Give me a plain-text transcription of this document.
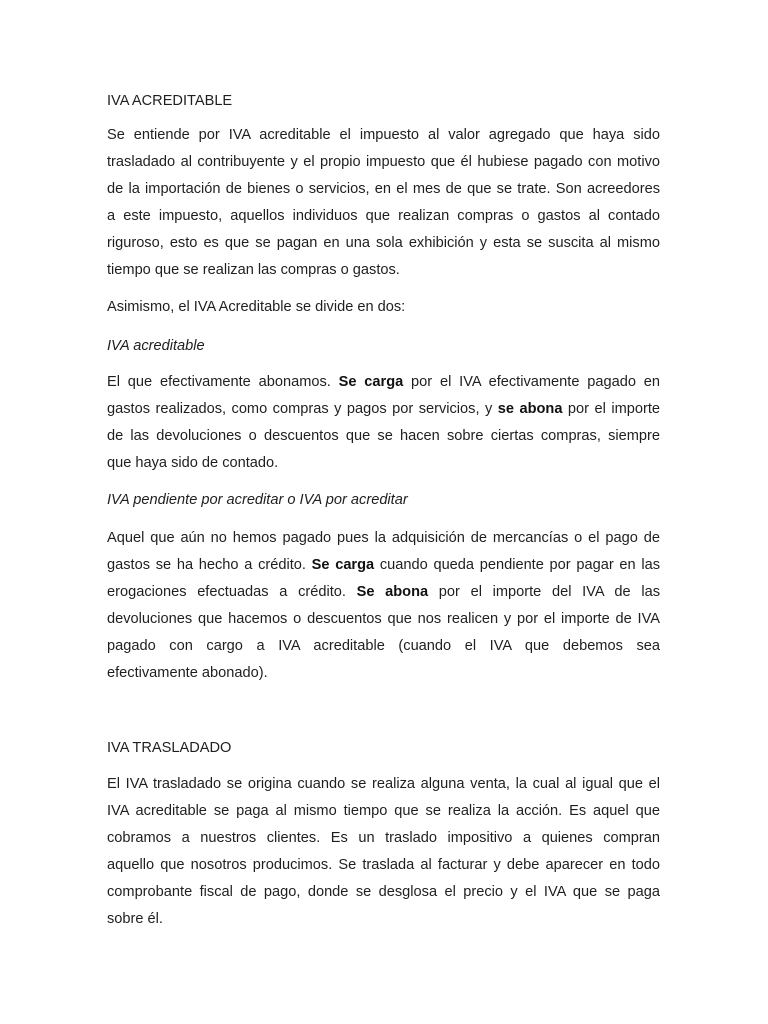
IVA ACREDITABLE

Se entiende por IVA acreditable el impuesto al valor agregado que haya sido
trasladado al contribuyente y el propio impuesto que él hubiese pagado con motivo
de la importación de bienes o servicios, en el mes de que se trate. Son acreedores
a este impuesto, aquellos individuos que realizan compras o gastos al contado
riguroso, esto es que se pagan en una sola exhibición y esta se suscita al mismo
tiempo que se realizan las compras o gastos.

Asimismo, el IVA Acreditable se divide en dos:

IVA acreditable

El que efectivamente abonamos. Se carga por el IVA efectivamente pagado en
gastos realizados, como compras y pagos por servicios, y se abona por el importe
de las devoluciones o descuentos que se hacen sobre ciertas compras, siempre
que haya sido de contado.

IVA pendiente por acreditar o IVA por acreditar

Aquel que aún no hemos pagado pues la adquisición de mercancías o el pago de
gastos se ha hecho a crédito. Se carga cuando queda pendiente por pagar en las
erogaciones efectuadas a crédito. Se abona por el importe del IVA de las
devoluciones que hacemos o descuentos que nos realicen y por el importe de IVA
pagado con cargo a IVA acreditable (cuando el IVA que debemos sea
efectivamente abonado).

IVA TRASLADADO

El IVA trasladado se origina cuando se realiza alguna venta, la cual al igual que el
IVA acreditable se paga al mismo tiempo que se realiza la acción. Es aquel que
cobramos a nuestros clientes. Es un traslado impositivo a quienes compran
aquello que nosotros producimos. Se traslada al facturar y debe aparecer en todo
comprobante fiscal de pago, donde se desglosa el precio y el IVA que se paga
sobre él.
